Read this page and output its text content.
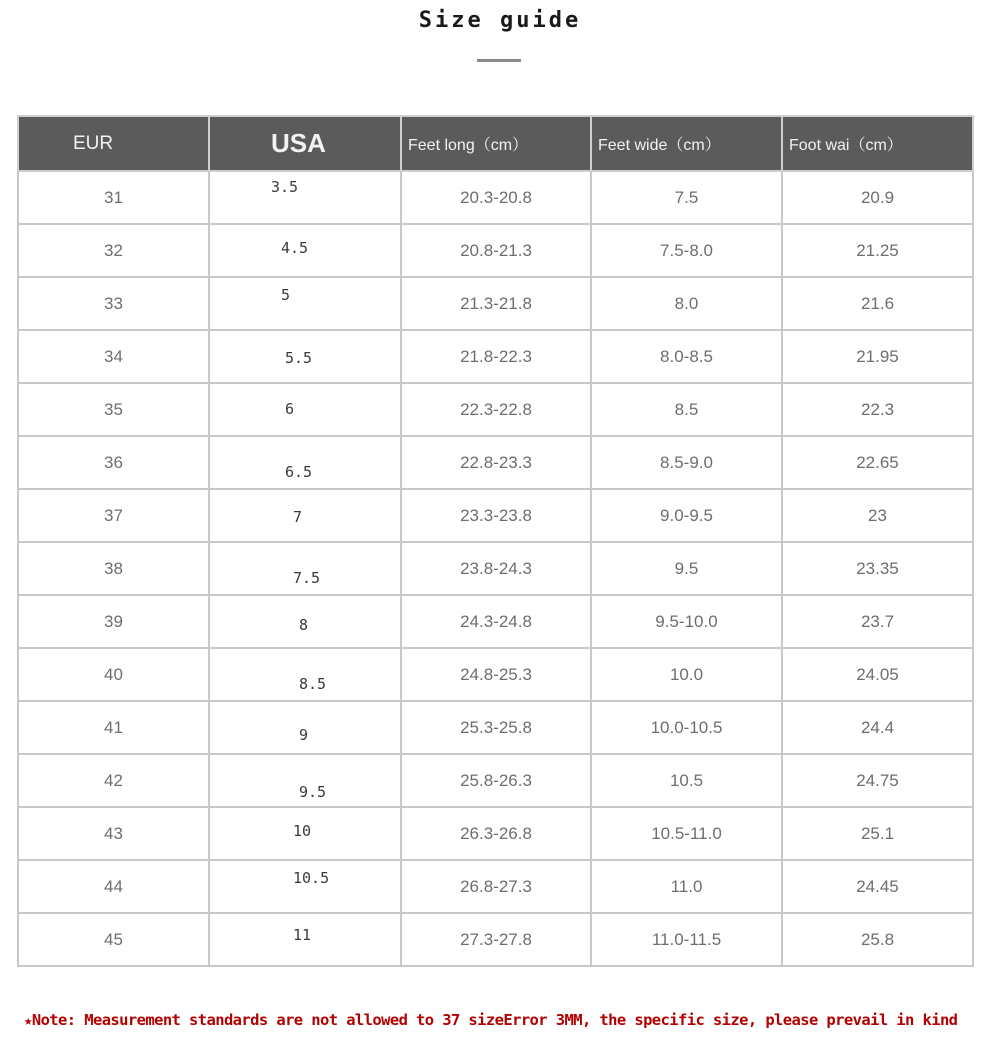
Size guide
EUR	USA	Feet long（cm）	Feet wide（cm）	Foot wai（cm）
31	3.5	20.3-20.8	7.5	20.9
32	4.5	20.8-21.3	7.5-8.0	21.25
33	5	21.3-21.8	8.0	21.6
34	5.5	21.8-22.3	8.0-8.5	21.95
35	6	22.3-22.8	8.5	22.3
36	6.5	22.8-23.3	8.5-9.0	22.65
37	7	23.3-23.8	9.0-9.5	23
38	7.5	23.8-24.3	9.5	23.35
39	8	24.3-24.8	9.5-10.0	23.7
40	8.5	24.8-25.3	10.0	24.05
41	9	25.3-25.8	10.0-10.5	24.4
42	9.5	25.8-26.3	10.5	24.75
43	10	26.3-26.8	10.5-11.0	25.1
44	10.5	26.8-27.3	11.0	24.45
45	11	27.3-27.8	11.0-11.5	25.8
★Note: Measurement standards are not allowed to 37 sizeError 3MM, the specific size, please prevail in kind
